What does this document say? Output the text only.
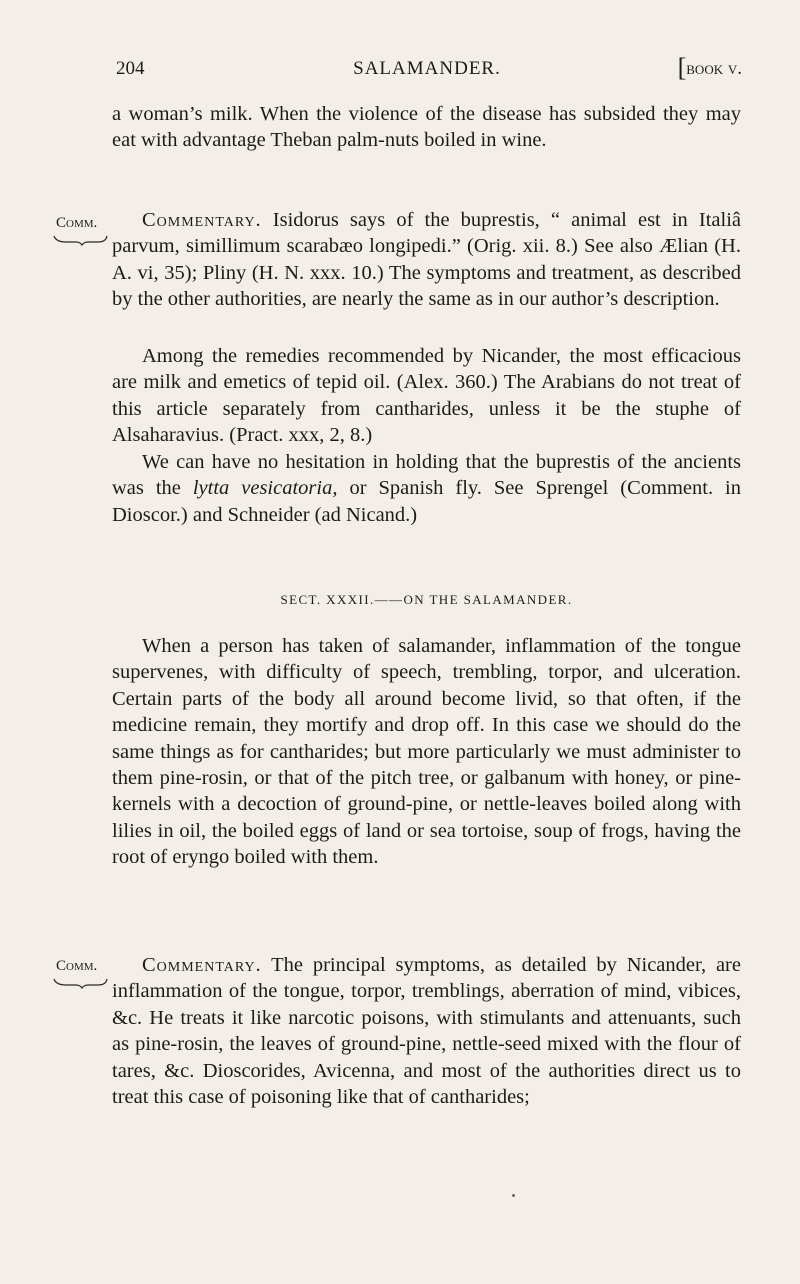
204	SALAMANDER.	[book v.

a woman’s milk. When the violence of the disease has subsided they may eat with advantage Theban palm-nuts boiled in wine.

Comm.	Commentary. Isidorus says of the buprestis, “ animal est in Italiâ parvum, simillimum scarabæo longipedi.” (Orig. xii. 8.) See also Ælian (H. A. vi, 35); Pliny (H. N. xxx. 10.) The symptoms and treatment, as described by the other authorities, are nearly the same as in our author’s description.

Among the remedies recommended by Nicander, the most efficacious are milk and emetics of tepid oil. (Alex. 360.) The Arabians do not treat of this article separately from cantharides, unless it be the stuphe of Alsaharavius. (Pract. xxx, 2, 8.)

We can have no hesitation in holding that the buprestis of the ancients was the lytta vesicatoria, or Spanish fly. See Sprengel (Comment. in Dioscor.) and Schneider (ad Nicand.)

SECT. XXXII.——ON THE SALAMANDER.

When a person has taken of salamander, inflammation of the tongue supervenes, with difficulty of speech, trembling, torpor, and ulceration. Certain parts of the body all around become livid, so that often, if the medicine remain, they mortify and drop off. In this case we should do the same things as for cantharides; but more particularly we must administer to them pine-rosin, or that of the pitch tree, or galbanum with honey, or pine-kernels with a decoction of ground-pine, or nettle-leaves boiled along with lilies in oil, the boiled eggs of land or sea tortoise, soup of frogs, having the root of eryngo boiled with them.

Comm.	Commentary. The principal symptoms, as detailed by Nicander, are inflammation of the tongue, torpor, tremblings, aberration of mind, vibices, &c. He treats it like narcotic poisons, with stimulants and attenuants, such as pine-rosin, the leaves of ground-pine, nettle-seed mixed with the flour of tares, &c. Dioscorides, Avicenna, and most of the authorities direct us to treat this case of poisoning like that of cantharides;
